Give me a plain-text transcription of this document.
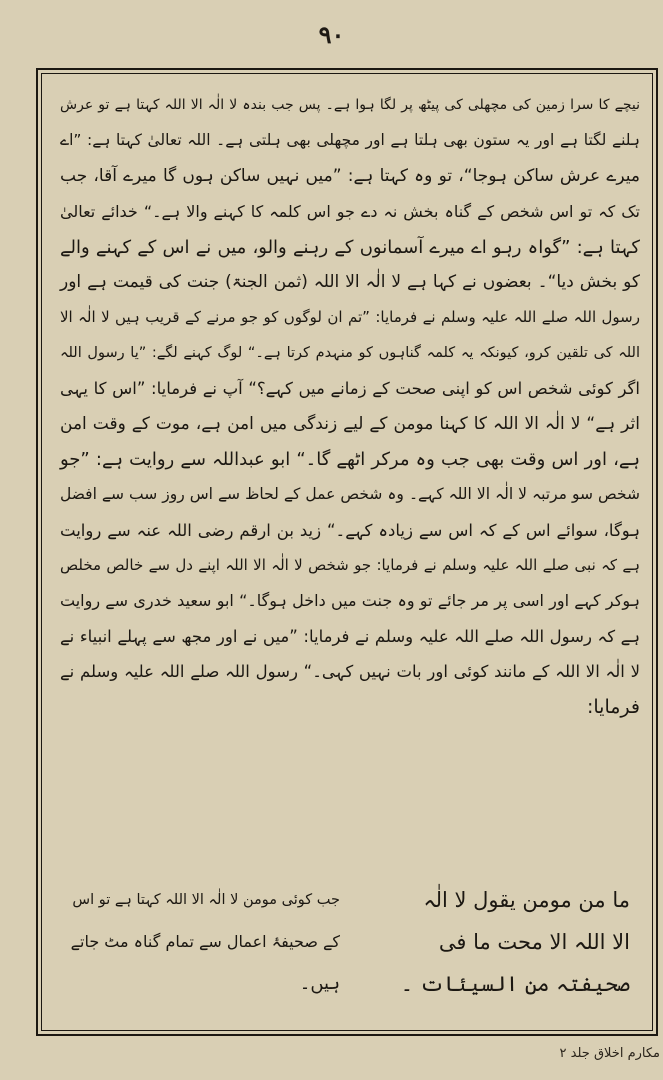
۹۰
نیچے کا سرا زمین کی مچھلی کی پیٹھ پر لگا ہوا ہے۔ پس جب بندہ لا الٰہ الا اللہ کہتا ہے تو عرش
ہلنے لگتا ہے اور یہ ستون بھی ہلتا ہے اور مچھلی بھی ہلتی ہے۔ اللہ تعالیٰ کہتا ہے: ”اے
میرے عرش ساکن ہوجا“، تو وہ کہتا ہے: ”میں نہیں ساکن ہوں گا میرے آقا، جب
تک کہ تو اس شخص کے گناہ بخش نہ دے جو اس کلمہ کا کہنے والا ہے۔“ خدائے تعالیٰ
کہتا ہے: ”گواہ رہو اے میرے آسمانوں کے رہنے والو، میں نے اس کے کہنے والے
کو بخش دیا“۔ بعضوں نے کہا ہے لا الٰہ الا اللہ (ثمن الجنۃ) جنت کی قیمت ہے اور
رسول اللہ صلے اللہ علیہ وسلم نے فرمایا: ”تم ان لوگوں کو جو مرنے کے قریب ہیں لا الٰہ الا
اللہ کی تلقین کرو، کیونکہ یہ کلمہ گناہوں کو منہدم کرتا ہے۔“ لوگ کہنے لگے: ”یا رسول اللہ
اگر کوئی شخص اس کو اپنی صحت کے زمانے میں کہے؟“ آپ نے فرمایا: ”اس کا یہی
اثر ہے“ لا الٰہ الا اللہ کا کہنا مومن کے لیے زندگی میں امن ہے، موت کے وقت امن
ہے، اور اس وقت بھی جب وہ مرکر اٹھے گا۔“ ابو عبداللہ سے روایت ہے: ”جو
شخص سو مرتبہ لا الٰہ الا اللہ کہے۔ وہ شخص عمل کے لحاظ سے اس روز سب سے افضل
ہوگا، سوائے اس کے کہ اس سے زیادہ کہے۔“ زید بن ارقم رضی اللہ عنہ سے روایت
ہے کہ نبی صلے اللہ علیہ وسلم نے فرمایا: جو شخص لا الٰہ الا اللہ اپنے دل سے خالص مخلص
ہوکر کہے اور اسی پر مر جائے تو وہ جنت میں داخل ہوگا۔“ ابو سعید خدری سے روایت
ہے کہ رسول اللہ صلے اللہ علیہ وسلم نے فرمایا: ”میں نے اور مجھ سے پہلے انبیاء نے
لا الٰہ الا اللہ کے مانند کوئی اور بات نہیں کہی۔“ رسول اللہ صلے اللہ علیہ وسلم نے
فرمایا:
ما من مومن یقول لا الٰہ
جب کوئی مومن لا الٰہ الا اللہ کہتا ہے تو اس
الا اللہ الا محت ما فی
کے صحیفۂ اعمال سے تمام گناہ مٹ جاتے
صحیفتہ من السیئات ۔
ہیں۔
مکارم اخلاق جلد ۲
